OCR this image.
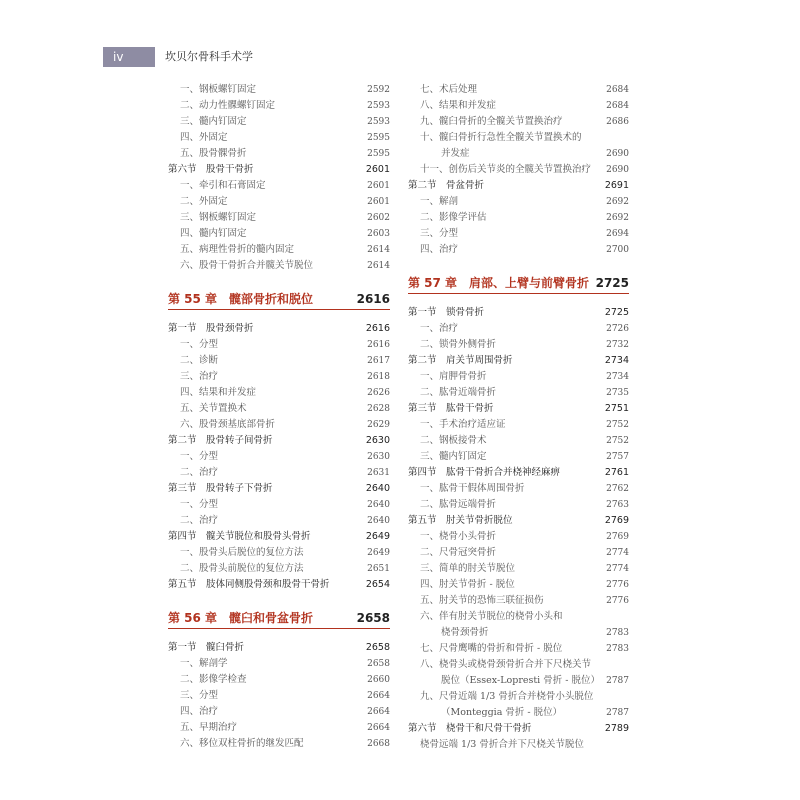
iv	坎贝尔骨科手术学
一、钢板螺钉固定	2592
二、动力性髁螺钉固定	2593
三、髓内钉固定	2593
四、外固定	2595
五、股骨髁骨折	2595
第六节　股骨干骨折	2601
一、牵引和石膏固定	2601
二、外固定	2601
三、钢板螺钉固定	2602
四、髓内钉固定	2603
五、病理性骨折的髓内固定	2614
六、股骨干骨折合并髋关节脱位	2614
第 55 章　髋部骨折和脱位	2616
第一节　股骨颈骨折	2616
一、分型	2616
二、诊断	2617
三、治疗	2618
四、结果和并发症	2626
五、关节置换术	2628
六、股骨颈基底部骨折	2629
第二节　股骨转子间骨折	2630
一、分型	2630
二、治疗	2631
第三节　股骨转子下骨折	2640
一、分型	2640
二、治疗	2640
第四节　髋关节脱位和股骨头骨折	2649
一、股骨头后脱位的复位方法	2649
二、股骨头前脱位的复位方法	2651
第五节　肢体同侧股骨颈和股骨干骨折	2654
第 56 章　髋臼和骨盆骨折	2658
第一节　髋臼骨折	2658
一、解剖学	2658
二、影像学检查	2660
三、分型	2664
四、治疗	2664
五、早期治疗	2664
六、移位双柱骨折的继发匹配	2668
七、术后处理	2684
八、结果和并发症	2684
九、髋臼骨折的全髋关节置换治疗	2686
十、髋臼骨折行急性全髋关节置换术的
并发症	2690
十一、创伤后关节炎的全髋关节置换治疗 2690
第二节　骨盆骨折	2691
一、解剖	2692
二、影像学评估	2692
三、分型	2694
四、治疗	2700
第 57 章　肩部、上臂与前臂骨折 2725
第一节　锁骨骨折	2725
一、治疗	2726
二、锁骨外侧骨折	2732
第二节　肩关节周围骨折	2734
一、肩胛骨骨折	2734
二、肱骨近端骨折	2735
第三节　肱骨干骨折	2751
一、手术治疗适应证	2752
二、钢板接骨术	2752
三、髓内钉固定	2757
第四节　肱骨干骨折合并桡神经麻痹	2761
一、肱骨干假体周围骨折	2762
二、肱骨远端骨折	2763
第五节　肘关节骨折脱位	2769
一、桡骨小头骨折	2769
二、尺骨冠突骨折	2774
三、简单的肘关节脱位	2774
四、肘关节骨折 - 脱位	2776
五、肘关节的恐怖三联征损伤	2776
六、伴有肘关节脱位的桡骨小头和
桡骨颈骨折	2783
七、尺骨鹰嘴的骨折和骨折 - 脱位	2783
八、桡骨头或桡骨颈骨折合并下尺桡关节
脱位（Essex-Lopresti 骨折 - 脱位） 2787
九、尺骨近端 1/3 骨折合并桡骨小头脱位
（Monteggia 骨折 - 脱位）	2787
第六节　桡骨干和尺骨干骨折	2789
桡骨远端 1/3 骨折合并下尺桡关节脱位
